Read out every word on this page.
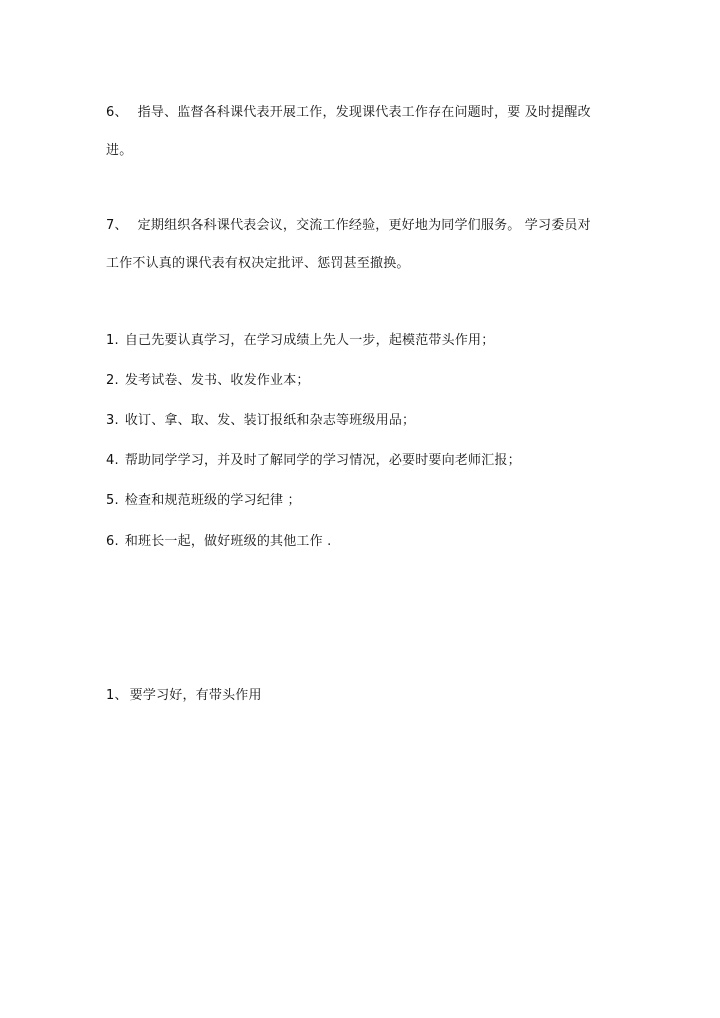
6、 指导、监督各科课代表开展工作，发现课代表工作存在问题时，要 及时提醒改
进。
7、 定期组织各科课代表会议，交流工作经验，更好地为同学们服务。 学习委员对
工作不认真的课代表有权决定批评、惩罚甚至撤换。
1. 自己先要认真学习，在学习成绩上先人一步，起模范带头作用；
2. 发考试卷、发书、收发作业本；
3. 收订、拿、取、发、装订报纸和杂志等班级用品；
4. 帮助同学学习，并及时了解同学的学习情况，必要时要向老师汇报；
5. 检查和规范班级的学习纪律 ；
6. 和班长一起，做好班级的其他工作 .
1、 要学习好，有带头作用
